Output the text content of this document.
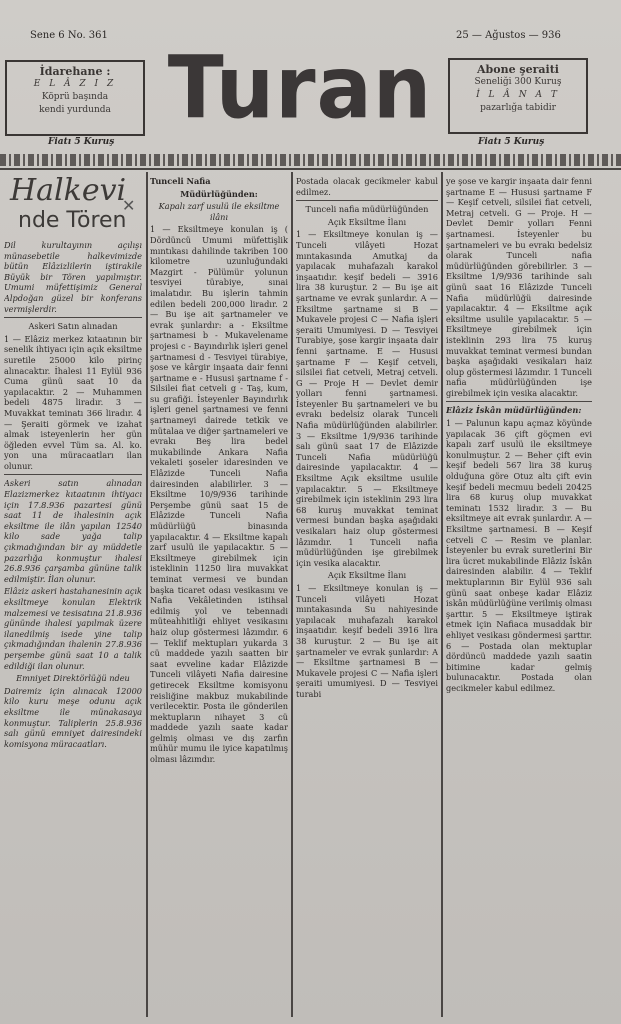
Sene 6 No. 361	25 — Ağustos — 936
İdarehane :
E L Â Z I Z
Köprü başında
kendi yurdunda
Fiatı 5 Kuruş
Turan	Abone şeraiti
Seneliği 300 Kuruş
İ L Â N A T
pazarlığa tabidir
Fiatı 5 Kuruş
Halkevi
nde Tören

Dil kurultayının açılışı münasebetile halkevimizde bütün Elâzizlilerin iştirakile Büyük bir Tören yapılmıştır. Umumi müfettişimiz General Alpdoğan güzel bir konferans vermişlerdir.

Askeri Satın alınadan

1 — Elâziz merkez kıtaatının bir senelik ihtiyacı için açık eksiltme suretile 25000 kilo pirinç alınacaktır. İhalesi 11 Eylül 936 Cuma günü saat 10 da yapılacaktır. 2 — Muhammen bedeli 4875 liradır. 3 — Muvakkat teminatı 366 liradır. 4 — Şeraiti görmek ve izahat almak isteyenlerin her gün öğleden evvel Tüm sa. Al. ko. yon una müracaatları ilan olunur.

Askeri satın alınadan Elazizmerkez kıtaatının ihtiyacı için 17.8.936 pazartesi günü saat 11 de ihalesinin açık eksiltme ile ilân yapılan 12540 kilo sade yağa talip çıkmadığından bir ay müddetle pazarlığa konmuştur ihalesi 26.8.936 çarşamba gününe talik edilmiştir. İlan olunur.

Elâziz askeri hastahanesinin açık eksiltmeye konulan Elektrik malzemesi ve tesisatına 21.8.936 gününde ihalesi yapılmak üzere ilanedilmiş isede yine talip çıkmadığından ihalenin 27.8.936 perşembe günü saat 10 a talik edildiği ilan olunur.

Emniyet Direktörlüğü ndeu

Dairemiz için alınacak 12000 kilo kuru meşe odunu açık eksiltme ile münakasaya konmuştur. Taliplerin 25.8.936 salı günü emniyet dairesindeki komisyona müracaatları.

✕

Tunceli Nafia

Müdürlüğünden:

Kapalı zarf usulü ile eksiltme ilânı

1 — Eksiltmeye konulan iş ( Dördüncü Umumi müfettişlik mıntıkası dahilinde takriben 100 kilometre uzunluğundaki Mazgirt - Pülümür yolunun tesviyei türabiye, sınai imalatıdır. Bu işlerin tahmin edilen bedeli 200,000 liradır. 2 — Bu işe ait şartnameler ve evrak şunlardır: a - Eksiltme şartnamesi b - Mukavelename projesi c - Bayındırlık işleri genel şartnamesi d - Tesviyei türabiye, şose ve kârgir inşaata dair fenni şartname e - Hususi şartname f - Silsilei fiat cetveli g - Taş, kum, su grafiği. İsteyenler Bayındırlık işleri genel şartnamesi ve fenni şartnameyi dairede tetkik ve mütalaa ve diğer şartnameleri ve evrakı Beş lira bedel mukabilinde Ankara Nafia vekaleti şoseler idaresinden ve Elâzizde Tunceli Nafia dairesinden alabilirler. 3 — Eksiltme 10/9/936 tarihinde Perşembe günü saat 15 de Elâzizde Tunceli Nafia müdürlüğü binasında yapılacaktır. 4 — Eksiltme kapalı zarf usulü ile yapılacaktır. 5 — Eksiltmeye girebilmek için isteklinin 11250 lira muvakkat teminat vermesi ve bundan başka ticaret odası vesikasını ve Nafia Vekâletinden istihsal edilmiş yol ve tebennadi müteahhitliği ehliyet vesikasını haiz olup göstermesi lâzımdır. 6 — Teklif mektupları yukarda 3 cü maddede yazılı saatten bir saat evveline kadar Elâzizde Tunceli vilâyeti Nafia dairesine getirecek Eksiltme komisyonu reisliğine makbuz mukabilinde verilecektir. Posta ile gönderilen mektupların nihayet 3 cü maddede yazılı saate kadar gelmiş olması ve dış zarfın mühür mumu ile iyice kapatılmış olması lâzımdır.

Postada olacak gecikmeler kabul edilmez.

Tunceli nafia müdürlüğünden

Açık Eksiltme İlanı

1 — Eksiltmeye konulan iş — Tunceli vilâyeti Hozat mıntakasında Amutkaj da yapılacak muhafazalı karakol inşaatıdır. keşif bedeli — 3916 lira 38 kuruştur. 2 — Bu işe ait şartname ve evrak şunlardır. A — Eksiltme şartname si B — Mukavele projesi C — Nafia işleri şeraiti Umumiyesi. D — Tesviyei Turabiye, şose kargir inşaata dair fenni şartname. E — Hususi şartname F — Keşif cetveli, silsilei fiat cetveli, Metraj cetveli. G — Proje H — Devlet demir yolları fenni şartnamesi. İsteyenler Bu şartnameleri ve bu evrakı bedelsiz olarak Tunceli Nafia müdürlüğünden alabilirler. 3 — Eksiltme 1/9/936 tarihinde salı günü saat 17 de Elâzizde Tunceli Nafia müdürlüğü dairesinde yapılacaktır. 4 — Eksiltme Açık eksiltme usulile yapılacaktır. 5 — Eksiltmeye girebilmek için isteklinin 293 lira 68 kuruş muvakkat teminat vermesi bundan başka aşağıdaki vesikaları haiz olup göstermesi lâzımdır. 1 Tunceli nafia müdürlüğünden işe girebilmek için vesika alacaktır.

Açık Eksiltme İlanı

1 — Eksiltmeye konulan iş — Tunceli vilâyeti Hozat mıntakasında Su nahiyesinde yapılacak muhafazalı karakol inşaatıdır. keşif bedeli 3916 lira 38 kuruştur. 2 — Bu işe ait şartnameler ve evrak şunlardır: A — Eksiltme şartnamesi B — Mukavele projesi C — Nafia işleri şeraiti umumiyesi. D — Tesviyei turabi

ye şose ve kargir inşaata dair fenni şartname E — Hususi şartname F — Keşif cetveli, silsilei fiat cetveli, Metraj cetveli. G — Proje. H — Devlet Demir yolları Fenni şartnamesi. İsteyenler bu şartnameleri ve bu evrakı bedelsiz olarak Tunceli nafia müdürlüğünden görebilirler. 3 — Eksiltme 1/9/936 tarihinde salı günü saat 16 Elâzizde Tunceli Nafia müdürlüğü dairesinde yapılacaktır. 4 — Eksiltme açık eksiltme usulile yapılacaktır. 5 — Eksiltmeye girebilmek için isteklinin 293 lira 75 kuruş muvakkat teminat vermesi bundan başka aşağıdaki vesikaları haiz olup göstermesi lâzımdır. 1 Tunceli nafia müdürlüğünden işe girebilmek için vesika alacaktır.

Elâziz İskân müdürlüğünden:

1 — Palunun kapu açmaz köyünde yapılacak 36 çift göçmen evi kapalı zarf usulü ile eksiltmeye konulmuştur. 2 — Beher çift evin keşif bedeli 567 lira 38 kuruş olduğuna göre Otuz altı çift evin keşif bedeli mecmuu bedeli 20425 lira 68 kuruş olup muvakkat teminatı 1532 liradır. 3 — Bu eksiltmeye ait evrak şunlardır. A — Eksiltme şartnamesi. B — Keşif cetveli C — Resim ve planlar. İsteyenler bu evrak suretlerini Bir lira ücret mukabilinde Elâziz İskân dairesinden alabilir. 4 — Teklif mektuplarının Bir Eylül 936 salı günü saat onbeşe kadar Elâziz iskân müdürlüğüne verilmiş olması şarttır. 5 — Eksiltmeye iştirak etmek için Nafiaca musaddak bir ehliyet vesikası göndermesi şarttır. 6 — Postada olan mektuplar dördüncü maddede yazılı saatin bitimine kadar gelmiş bulunacaktır. Postada olan gecikmeler kabul edilmez.
